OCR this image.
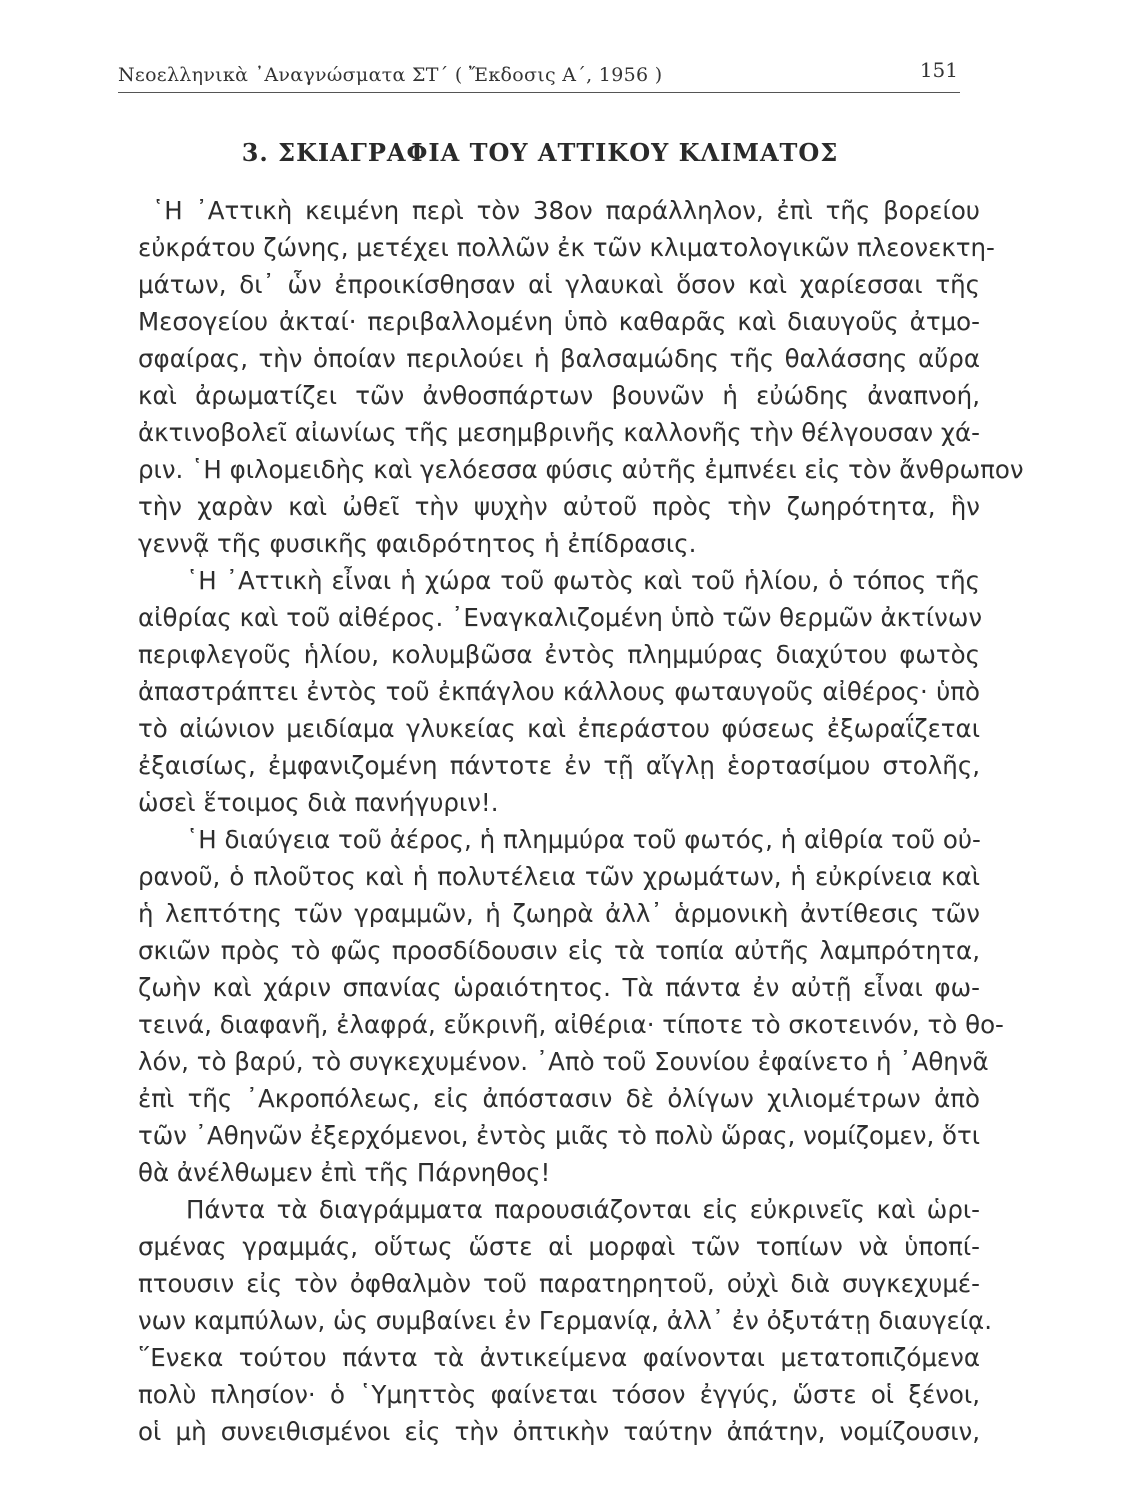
Νεοελληνικὰ ᾿Αναγνώσματα ΣΤ΄ ( Ἔκδοσις Α΄, 1956 )	151
3. ΣΚΙΑΓΡΑΦΙΑ ΤΟΥ ΑΤΤΙΚΟΥ ΚΛΙΜΑΤΟΣ
῾Η ᾿Αττικὴ κειμένη περὶ τὸν 38ον παράλληλον, ἐπὶ τῆς βορείου
εὐκράτου ζώνης, μετέχει πολλῶν ἐκ τῶν κλιματολογικῶν πλεονεκτη-
μάτων, δι᾿ ὧν ἐπροικίσθησαν αἱ γλαυκαὶ ὅσον καὶ χαρίεσσαι τῆς
Μεσογείου ἀκταί· περιβαλλομένη ὑπὸ καθαρᾶς καὶ διαυγοῦς ἀτμο-
σφαίρας, τὴν ὁποίαν περιλούει ἡ βαλσαμώδης τῆς θαλάσσης αὔρα
καὶ ἀρωματίζει τῶν ἀνθοσπάρτων βουνῶν ἡ εὐώδης ἀναπνοή,
ἀκτινοβολεῖ αἰωνίως τῆς μεσημβρινῆς καλλονῆς τὴν θέλγουσαν χά-
ριν. ῾Η φιλομειδὴς καὶ γελόεσσα φύσις αὐτῆς ἐμπνέει εἰς τὸν ἄνθρωπον
τὴν χαρὰν καὶ ὠθεῖ τὴν ψυχὴν αὐτοῦ πρὸς τὴν ζωηρότητα, ἣν
γεννᾷ τῆς φυσικῆς φαιδρότητος ἡ ἐπίδρασις.
῾Η ᾿Αττικὴ εἶναι ἡ χώρα τοῦ φωτὸς καὶ τοῦ ἡλίου, ὁ τόπος τῆς
αἰθρίας καὶ τοῦ αἰθέρος. ᾿Εναγκαλιζομένη ὑπὸ τῶν θερμῶν ἀκτίνων
περιφλεγοῦς ἡλίου, κολυμβῶσα ἐντὸς πλημμύρας διαχύτου φωτὸς
ἀπαστράπτει ἐντὸς τοῦ ἐκπάγλου κάλλους φωταυγοῦς αἰθέρος· ὑπὸ
τὸ αἰώνιον μειδίαμα γλυκείας καὶ ἐπεράστου φύσεως ἐξωραΐζεται
ἐξαισίως, ἐμφανιζομένη πάντοτε ἐν τῇ αἴγλῃ ἑορτασίμου στολῆς,
ὡσεὶ ἕτοιμος διὰ πανήγυριν!.
῾Η διαύγεια τοῦ ἀέρος, ἡ πλημμύρα τοῦ φωτός, ἡ αἰθρία τοῦ οὐ-
ρανοῦ, ὁ πλοῦτος καὶ ἡ πολυτέλεια τῶν χρωμάτων, ἡ εὐκρίνεια καὶ
ἡ λεπτότης τῶν γραμμῶν, ἡ ζωηρὰ ἀλλ᾿ ἁρμονικὴ ἀντίθεσις τῶν
σκιῶν πρὸς τὸ φῶς προσδίδουσιν εἰς τὰ τοπία αὐτῆς λαμπρότητα,
ζωὴν καὶ χάριν σπανίας ὡραιότητος. Τὰ πάντα ἐν αὐτῇ εἶναι φω-
τεινά, διαφανῆ, ἐλαφρά, εὔκρινῆ, αἰθέρια· τίποτε τὸ σκοτεινόν, τὸ θο-
λόν, τὸ βαρύ, τὸ συγκεχυμένον. ᾿Απὸ τοῦ Σουνίου ἐφαίνετο ἡ ᾿Αθηνᾶ
ἐπὶ τῆς ᾿Ακροπόλεως, εἰς ἀπόστασιν δὲ ὀλίγων χιλιομέτρων ἀπὸ
τῶν ᾿Αθηνῶν ἐξερχόμενοι, ἐντὸς μιᾶς τὸ πολὺ ὥρας, νομίζομεν, ὅτι
θὰ ἀνέλθωμεν ἐπὶ τῆς Πάρνηθος!
Πάντα τὰ διαγράμματα παρουσιάζονται εἰς εὐκρινεῖς καὶ ὡρι-
σμένας γραμμάς, οὕτως ὥστε αἱ μορφαὶ τῶν τοπίων νὰ ὑποπί-
πτουσιν εἰς τὸν ὀφθαλμὸν τοῦ παρατηρητοῦ, οὐχὶ διὰ συγκεχυμέ-
νων καμπύλων, ὡς συμβαίνει ἐν Γερμανίᾳ, ἀλλ᾿ ἐν ὀξυτάτῃ διαυγείᾳ.
῞Ενεκα τούτου πάντα τὰ ἀντικείμενα φαίνονται μετατοπιζόμενα
πολὺ πλησίον· ὁ ῾Υμηττὸς φαίνεται τόσον ἐγγύς, ὥστε οἱ ξένοι,
οἱ μὴ συνειθισμένοι εἰς τὴν ὀπτικὴν ταύτην ἀπάτην, νομίζουσιν,
